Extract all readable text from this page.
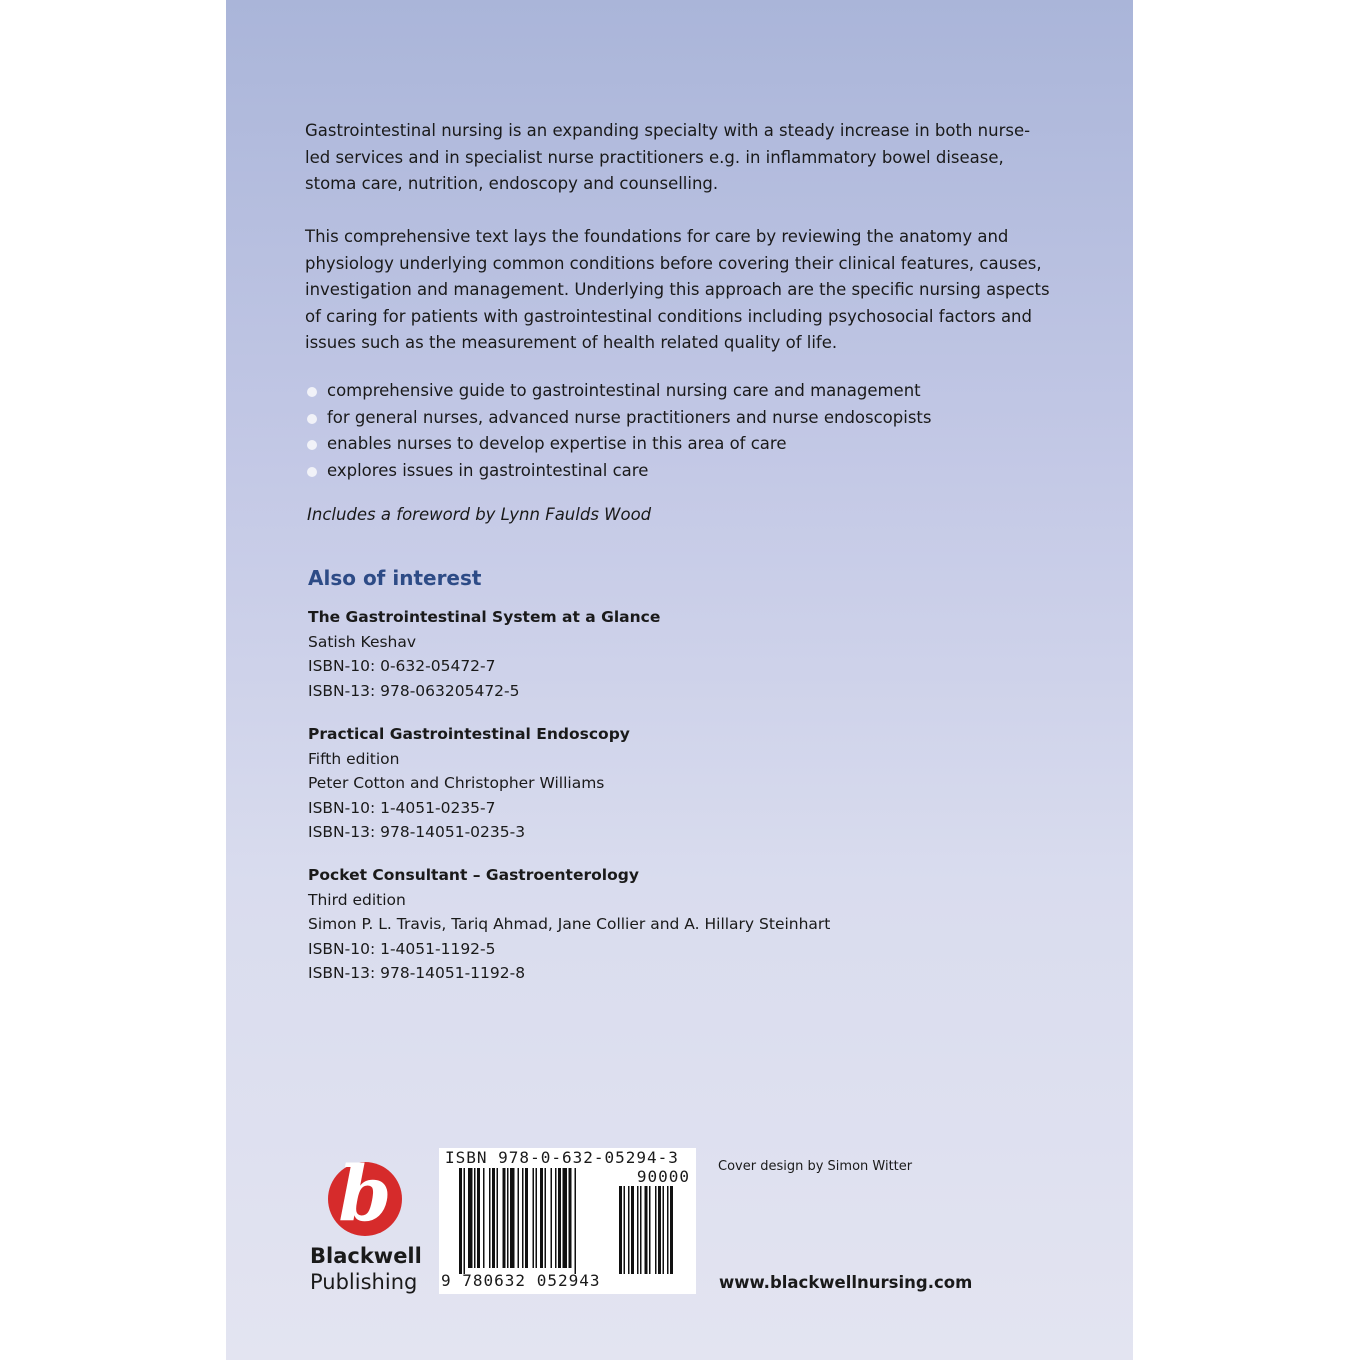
Gastrointestinal nursing is an expanding specialty with a steady increase in both nurse-led services and in specialist nurse practitioners e.g. in inflammatory bowel disease, stoma care, nutrition, endoscopy and counselling.

This comprehensive text lays the foundations for care by reviewing the anatomy and physiology underlying common conditions before covering their clinical features, causes, investigation and management. Underlying this approach are the specific nursing aspects of caring for patients with gastrointestinal conditions including psychosocial factors and issues such as the measurement of health related quality of life.

comprehensive guide to gastrointestinal nursing care and management
for general nurses, advanced nurse practitioners and nurse endoscopists
enables nurses to develop expertise in this area of care
explores issues in gastrointestinal care
Includes a foreword by Lynn Faulds Wood
Also of interest
The Gastrointestinal System at a Glance
Satish Keshav
ISBN-10: 0-632-05472-7
ISBN-13: 978-063205472-5
Practical Gastrointestinal Endoscopy
Fifth edition
Peter Cotton and Christopher Williams
ISBN-10: 1-4051-0235-7
ISBN-13: 978-14051-0235-3
Pocket Consultant – Gastroenterology
Third edition
Simon P. L. Travis, Tariq Ahmad, Jane Collier and A. Hillary Steinhart
ISBN-10: 1-4051-1192-5
ISBN-13: 978-14051-1192-8
b
Blackwell
Publishing
ISBN 978-0-632-05294-3
90000
9 780632 052943
Cover design by Simon Witter
www.blackwellnursing.com
